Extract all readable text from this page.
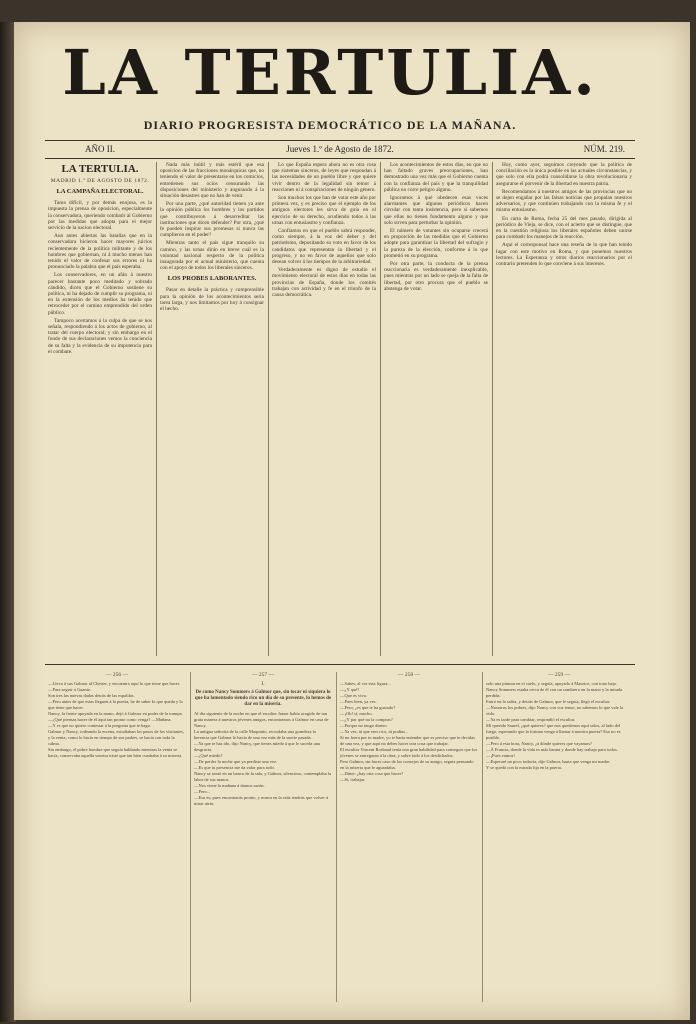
LA TERTULIA.
DIARIO PROGRESISTA DEMOCRÁTICO DE LA MAÑANA.
AÑO II.	Jueves 1.º de Agosto de 1872.	NÚM. 219.
LA TERTULIA.
MADRID 1.º DE AGOSTO DE 1872.
LA CAMPAÑA ELECTORAL.

Tarea difícil, y por demás enojosa, es la impuesta la prensa de oposicion, especialmente la conservadora, queriendo combatir al Gobierno por las medidas que adopta para el mejor servicio de la nacion electoral.

Aun antes abiertas las batallas que en la conservadora hicieron hacer mayores juicios recientemente de la política militante y de los hombres que gobiernan, ni á mucho menos han tenido el valor de confesar sus errores ni ha pronunciado la palabra que el país esperaba.

Los conservadores, en un afán á nuestro parecer bastante poco meditado y sobrado cándido, dicen que el Gobierno sostiene su política, ni ha dejado de cumplir su programa, ni en la extensión de los medios ha tenido que retroceder por el camino emprendido del orden público.

Tampoco acertamos á la culpa de que se nos señala, respondiendo á los actos de gobierno, al tratar del cuerpo electoral; y sin embargo en el fondo de sus declaraciones vemos la conciencia de su falta y la evidencia de su impotencia para el combate.

Nada más inútil y más estéril que esa oposicion de las fracciones monárquicas que, no teniendo el valor de presentarse en los comicios, entretienen sus ocios censurando las disposiciones del ministerio y augurando á la situación desastres que no han de venir.

Por una parte, ¿qué autoridad tienen ya ante la opinión pública los hombres y los partidos que contribuyeron á desacreditar las instituciones que dicen defender? Por otra, ¿qué fe pueden inspirar sus promesas si nunca las cumplieron en el poder?

Mientras tanto el país sigue tranquilo su camino, y las urnas dirán en breve cuál es la voluntad nacional respecto de la política inaugurada por el actual ministerio, que cuenta con el apoyo de todos los liberales sinceros.

LOS PROBES LABORANTES.

Pasar en detalle la práctica y comprensible para la opinión de los acontecimientos seria tarea larga, y nos limitamos por hoy á consignar el hecho.

Lo que España espera ahora no es otra cosa que sistemas sinceros, de leyes que respondan á las necesidades de un pueblo libre y que quiere vivir dentro de la legalidad sin temor á reacciones ni á conspiraciones de ningún género.

Son muchos los que han de votar este año por primera vez, y es preciso que el ejemplo de los antiguos electores les sirva de guía en el ejercicio de su derecho, acudiendo todos á las urnas con entusiasmo y confianza.

Confiamos en que el pueblo sabrá responder, como siempre, á la voz del deber y del patriotismo, depositando su voto en favor de los candidatos que representan la libertad y el progreso, y no en favor de aquellos que solo desean volver á los tiempos de la arbitrariedad.

Verdaderamente es digno de estudio el movimiento electoral de estos días en todas las provincias de España, donde los comités trabajan con actividad y fe en el triunfo de la causa democrática.

Los acontecimientos de estos días, en que no han faltado graves preocupaciones, han demostrado una vez más que el Gobierno cuenta con la confianza del país y que la tranquilidad pública no corre peligro alguno.

Ignoramos á qué obedecen esas voces alarmantes que algunos periódicos hacen circular con tanta insistencia, pero sí sabemos que ellas no tienen fundamento alguno y que solo sirven para perturbar la opinión.

El número de votantes sin ocuparse crecerá en proporción de las medidas que el Gobierno adopte para garantizar la libertad del sufragio y la pureza de la elección, conforme á lo que prometió en su programa.

Por otra parte, la conducta de la prensa reaccionaria es verdaderamente inexplicable, pues mientras por un lado se queja de la falta de libertad, por otro procura que el pueblo se abstenga de votar.

Hoy, como ayer, seguimos creyendo que la política de conciliación es la única posible en las actuales circunstancias, y que solo con ella podrá consolidarse la obra revolucionaria y asegurarse el porvenir de la libertad en nuestra patria.

Recomendamos á nuestros amigos de las provincias que no se dejen engañar por las falsas noticias que propalan nuestros adversarios, y que continúen trabajando con la misma fe y el mismo entusiasmo.

En carta de Roma, fecha 25 del mes pasado, dirigida al periódico de Vieja, se dice, con el acierto que se distingue, que en la cuestión religiosa los liberales españoles deben unirse para combatir los manejos de la reacción.

Aquí el corresponsal hace una reseña de lo que han tenido lugar con este motivo en Roma, y que ponemos nuestros lectores. La Esperanza y otros diarios reaccionarios por el contrario pretenden lo que conviene á sus intereses.

— 256 —

—Lleva á sus Galmor al Chester, y encuentra aquí lo que tiene que hacer.

—Para seguir á Guantz.

Son tres las nuevas dadas detrás de las espaldas.

—Pero antes de que estas lleguen á la puerta, he de saber lo que queda y lo que tiene que hacer.

Nancy, la frente apoyada en la mano, dejó á Galmor en poder de la trampa.

—¿Qué piensas hacer de él aquí tan pronto como venga? —Mañana.

—Y es que no quiero contestar á la pregunta que te hago.

Galmor y Nancy, rodeando la escena, estudiaban los pasos de los visitantes, y la venta, como lo hacía en tiempo de sus padres, se hacia con toda la calma.

Sin embargo, el pobre hombre que seguía hablando mientras la venta se hacía, conservaba aquella sonrisa triste que tan bien cuadraba á su miseria.

— 257 —
I.
De como Nancy Sommers á Galmor que, sin tocar ni siquiera lo que ha lamentado siendo rico un día de su presente, lo hemos de dar en la miseria.

Al día siguiente de la noche en que el escultor Jasser había acogido de tan grata manera á nuestros jóvenes amigos, encontramos á Galmor en casa de Nancy.

La antigua señorita de la calle Maquinto, recordaba una grandeza la herencia que Galmor le hacía de una vez más de la suerte pasada.

—Ya que te has ido, dijo Nancy, que tienes miedo á que le suceda una desgracia.

—¿Qué miedo?

—De perder la noche que ya perdiste una vez.

—Es que tu presencia me da valor para todo.

Nancy se sentó en un banco de la sala, y Galmor, silencioso, contemplaba la labor de sus manos.

—Nos viene la mañana á darnos razón.

—Pero...

—Eso es; pues encontrarás pronto, y nunca en la vida tendrás que volver á mirar atrás.

— 258 —

—Sabes, al ver esta figura...

—¿Y qué?

—Que es viva.

—Pues bien, ya ves.

—Pero, ¿es que te ha gustado?

—¡Oh! sí, mucho.

—¿Y por qué no la compras?

—Porque no tengo dinero.

—Ya ves, tú que eres rico, tú podías...

Si no fuera por tu madre, yo te haría entender que es preciso que te decidas de una vez, y que aquí no debes hacer otra cosa que trabajar.

El escultor Vincent Rosbaud tenía una gran habilidad para conseguir que los jóvenes se entregaran á la obra, y sobre todo á los desdichados.

Pero Galmor, sin hacer caso de los consejos de su amigo, seguía pensando en la miseria que le aguardaba.

—Dime: ¿hay otra cosa que hacer?

—Sí, trabajar.

— 259 —

solo una pintura en el suelo, y seguía, apoyado á Maurice, con tono bajo.

Nancy Sommers estaba cerca de él con un sombrero en la mano y la mirada perdida.

Entró en la salita, y detrás de Galmor, que le seguía, llegó el escultor.

—Nosotros los pobres, dijo Nancy con voz tenue, no sabemos lo que vale la vida.

—Ya es tarde para cambiar, respondió el escultor.

Mi querido Saurel, ¿qué quieres? que nos quedemos aquí solos, al lado del fuego, esperando que la fortuna venga á llamar á nuestra puerta? Eso no es posible.

—Pero á esta hora, Nancy, ¿á dónde quieres que vayamos?

—Á Francia, donde la vida es más barata y donde hay trabajo para todos.

—¡Pues vamos!

—Esperaré un poco todavía, dijo Galmor, hasta que venga mi madre.

Y se quedó con la mirada fija en la puerta.
